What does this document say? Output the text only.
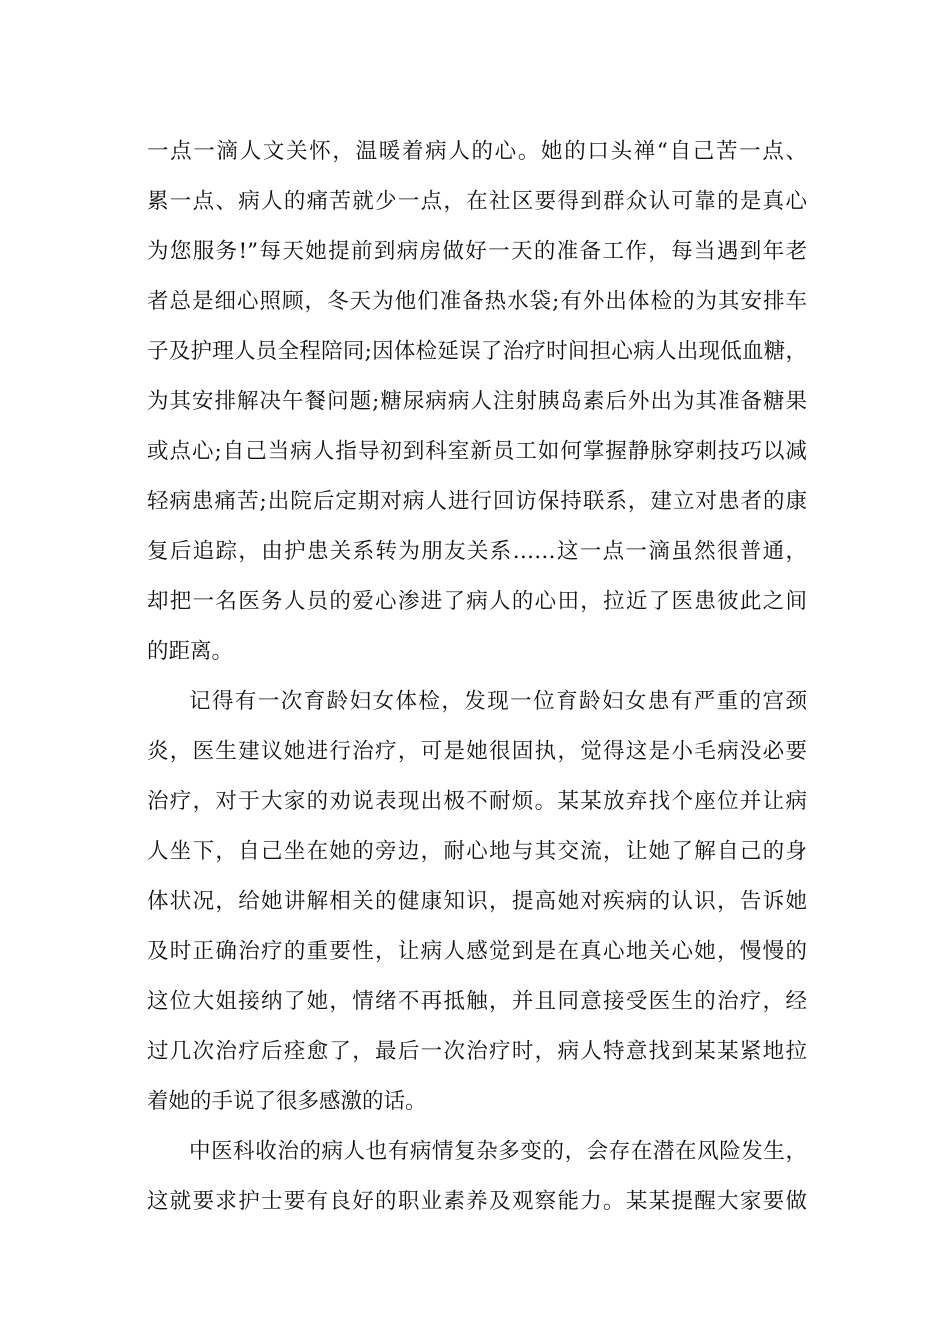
一点一滴人文关怀，温暖着病人的心。她的口头禅“自己苦一点、
累一点、病人的痛苦就少一点，在社区要得到群众认可靠的是真心
为您服务!”每天她提前到病房做好一天的准备工作，每当遇到年老
者总是细心照顾，冬天为他们准备热水袋;有外出体检的为其安排车
子及护理人员全程陪同;因体检延误了治疗时间担心病人出现低血糖，
为其安排解决午餐问题;糖尿病病人注射胰岛素后外出为其准备糖果
或点心;自己当病人指导初到科室新员工如何掌握静脉穿刺技巧以减
轻病患痛苦;出院后定期对病人进行回访保持联系，建立对患者的康
复后追踪，由护患关系转为朋友关系……这一点一滴虽然很普通，
却把一名医务人员的爱心渗进了病人的心田，拉近了医患彼此之间
的距离。
记得有一次育龄妇女体检，发现一位育龄妇女患有严重的宫颈
炎，医生建议她进行治疗，可是她很固执，觉得这是小毛病没必要
治疗，对于大家的劝说表现出极不耐烦。某某放弃找个座位并让病
人坐下，自己坐在她的旁边，耐心地与其交流，让她了解自己的身
体状况，给她讲解相关的健康知识，提高她对疾病的认识，告诉她
及时正确治疗的重要性，让病人感觉到是在真心地关心她，慢慢的
这位大姐接纳了她，情绪不再抵触，并且同意接受医生的治疗，经
过几次治疗后痊愈了，最后一次治疗时，病人特意找到某某紧地拉
着她的手说了很多感激的话。
中医科收治的病人也有病情复杂多变的，会存在潜在风险发生，
这就要求护士要有良好的职业素养及观察能力。某某提醒大家要做
